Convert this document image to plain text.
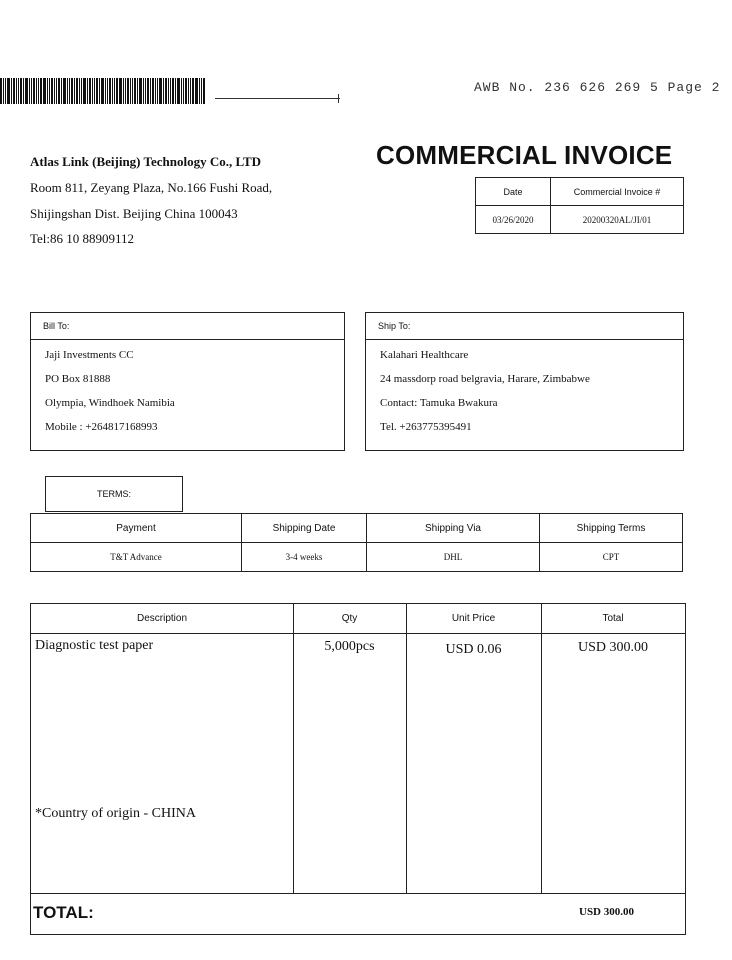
AWB No. 236 626 269 5 Page 2
Atlas Link (Beijing) Technology Co., LTD
Room 811, Zeyang Plaza, No.166 Fushi Road,
Shijingshan Dist. Beijing China 100043
Tel:86 10 88909112
COMMERCIAL INVOICE
Date	Commercial Invoice #
03/26/2020	20200320AL/JI/01
Bill To:
Jaji Investments CC
PO Box 81888
Olympia, Windhoek Namibia
Mobile : +264817168993
Ship To:
Kalahari Healthcare
24 massdorp road belgravia, Harare, Zimbabwe
Contact: Tamuka Bwakura
Tel. +263775395491
TERMS:
Payment	Shipping Date	Shipping Via	Shipping Terms
T&T Advance	3-4 weeks	DHL	CPT
Description	Qty	Unit Price	Total
Diagnostic test paper	5,000pcs	USD 0.06	USD 300.00
*Country of origin - CHINA
TOTAL:	USD 300.00
